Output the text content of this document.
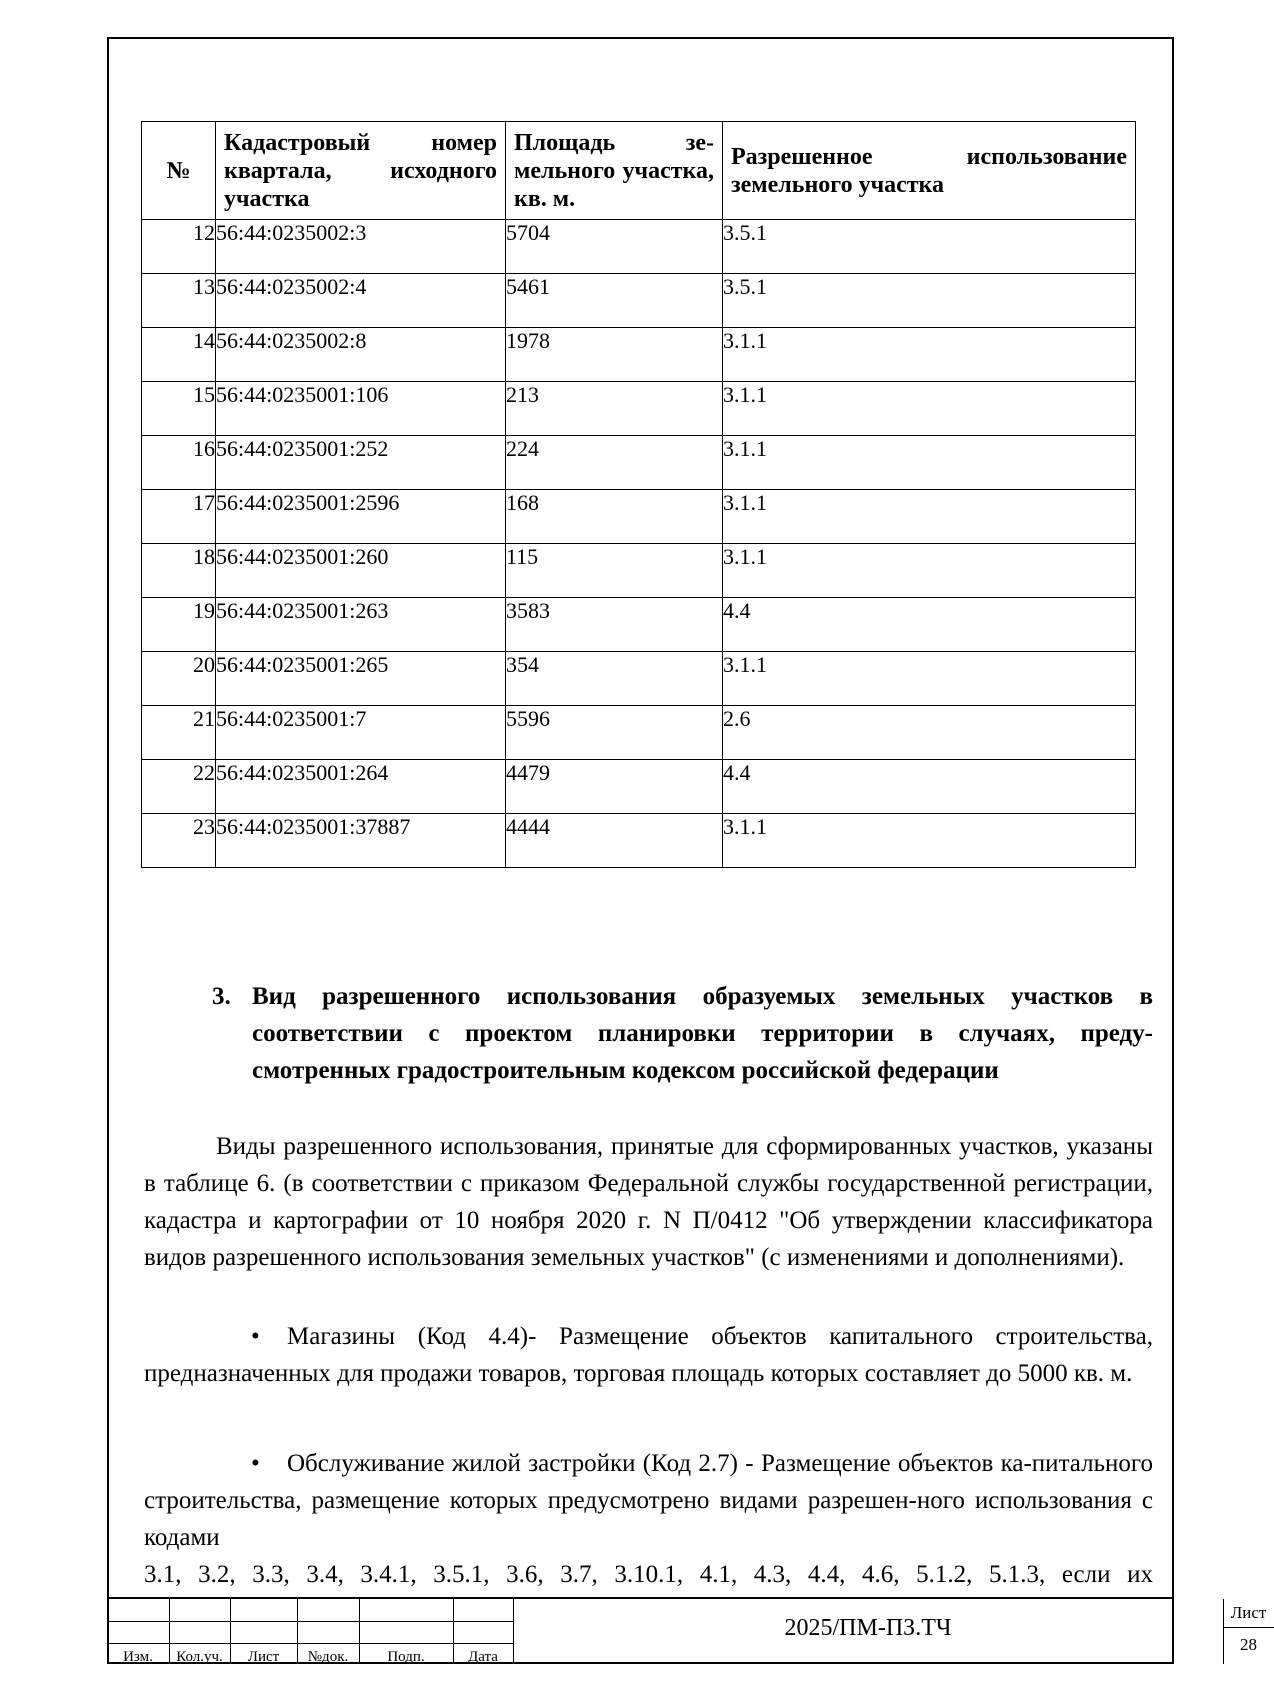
№	Кадастровый номер квартала, исходного участка	Площадь зе-мельного участка, кв. м.	Разрешенное использование земельного участка
12	56:44:0235002:3	5704	3.5.1
13	56:44:0235002:4	5461	3.5.1
14	56:44:0235002:8	1978	3.1.1
15	56:44:0235001:106	213	3.1.1
16	56:44:0235001:252	224	3.1.1
17	56:44:0235001:2596	168	3.1.1
18	56:44:0235001:260	115	3.1.1
19	56:44:0235001:263	3583	4.4
20	56:44:0235001:265	354	3.1.1
21	56:44:0235001:7	5596	2.6
22	56:44:0235001:264	4479	4.4
23	56:44:0235001:37887	4444	3.1.1
3. Вид разрешенного использования образуемых земельных участков в соответствии с проектом планировки территории в случаях, преду-смотренных градостроительным кодексом российской федерации
Виды разрешенного использования, принятые для сформированных участков, указаны в таблице 6. (в соответствии с приказом Федеральной службы государственной регистрации, кадастра и картографии от 10 ноября 2020 г. N П/0412 "Об утверждении классификатора видов разрешенного использования земельных участков" (с изменениями и дополнениями).
• Магазины (Код 4.4)- Размещение объектов капитального строительства, предназначенных для продажи товаров, торговая площадь которых составляет до 5000 кв. м.
• Обслуживание жилой застройки (Код 2.7) - Размещение объектов ка-питального строительства, размещение которых предусмотрено видами разрешен-ного использования с кодами
3.1, 3.2, 3.3, 3.4, 3.4.1, 3.5.1, 3.6, 3.7, 3.10.1, 4.1, 4.3, 4.4, 4.6, 5.1.2, 5.1.3, если их
Изм.	Кол.уч.	Лист	№док.	Подп.	Дата
2025/ПМ-ПЗ.ТЧ
Лист
28
